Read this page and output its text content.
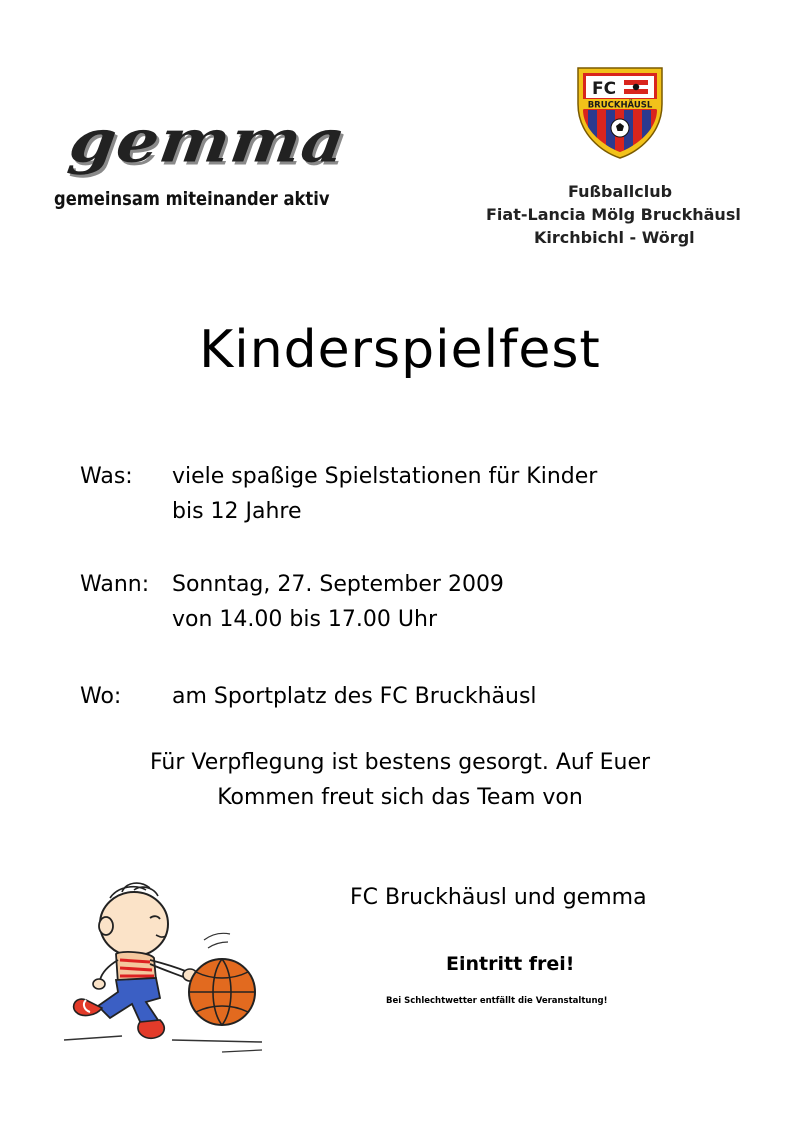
gemma
gemeinsam miteinander aktiv
FC
BRUCKHÄUSL
Fußballclub
Fiat-Lancia Mölg Bruckhäusl
Kirchbichl - Wörgl
Kinderspielfest
Was: viele spaßige Spielstationen für Kinder
bis 12 Jahre
Wann: Sonntag, 27. September 2009
von 14.00 bis 17.00 Uhr
Wo: am Sportplatz des FC Bruckhäusl
Für Verpflegung ist bestens gesorgt. Auf Euer
Kommen freut sich das Team von
FC Bruckhäusl und gemma
Eintritt frei!
Bei Schlechtwetter entfällt die Veranstaltung!
